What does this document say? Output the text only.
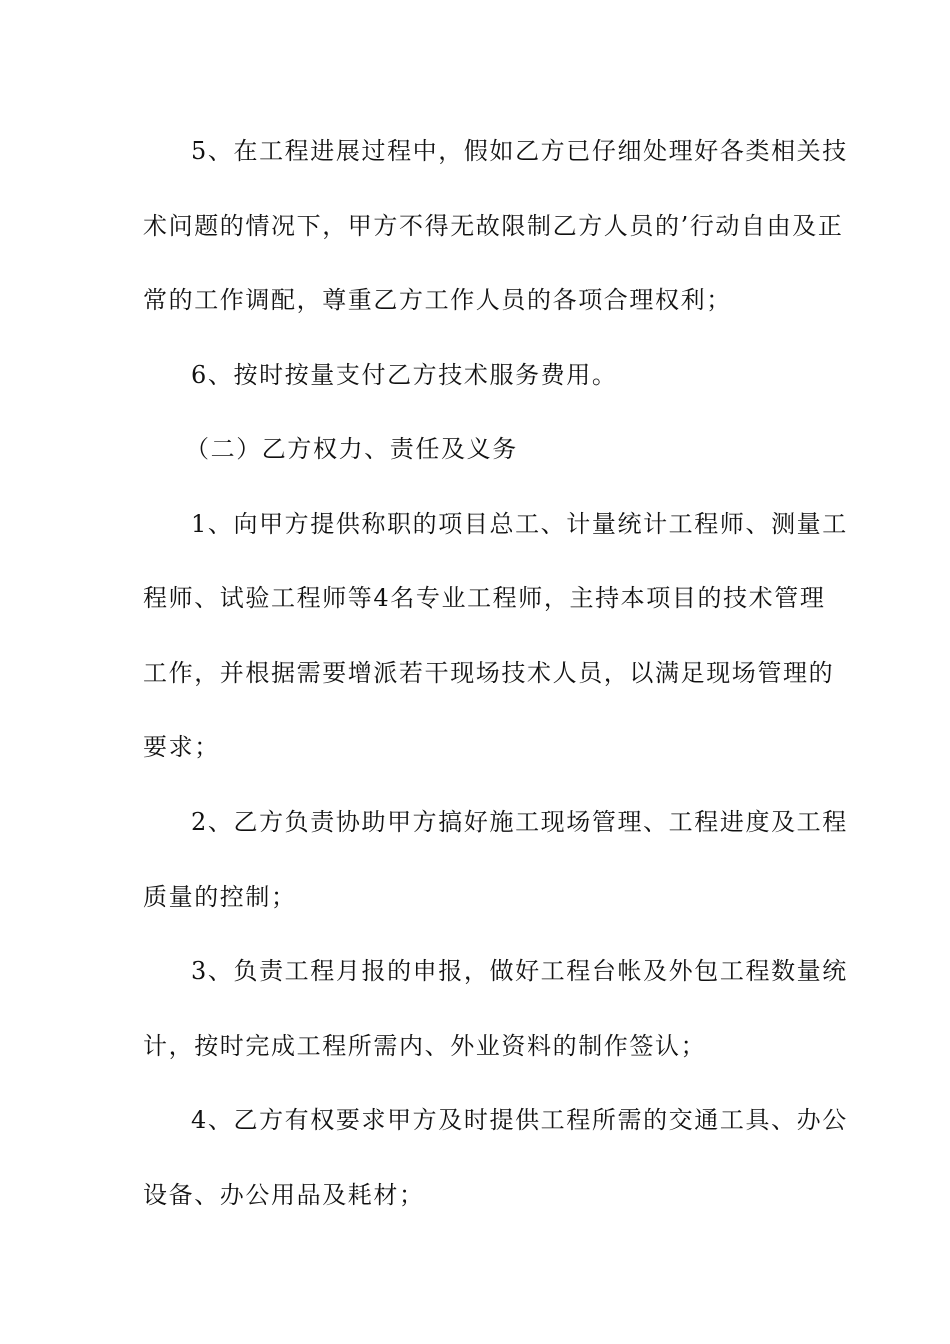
5、在工程进展过程中，假如乙方已仔细处理好各类相关技
术问题的情况下，甲方不得无故限制乙方人员的’行动自由及正
常的工作调配，尊重乙方工作人员的各项合理权利；
6、按时按量支付乙方技术服务费用。
（二）乙方权力、责任及义务
1、向甲方提供称职的项目总工、计量统计工程师、测量工
程师、试验工程师等4名专业工程师，主持本项目的技术管理
工作，并根据需要增派若干现场技术人员，以满足现场管理的
要求；
2、乙方负责协助甲方搞好施工现场管理、工程进度及工程
质量的控制；
3、负责工程月报的申报，做好工程台帐及外包工程数量统
计，按时完成工程所需内、外业资料的制作签认；
4、乙方有权要求甲方及时提供工程所需的交通工具、办公
设备、办公用品及耗材；
